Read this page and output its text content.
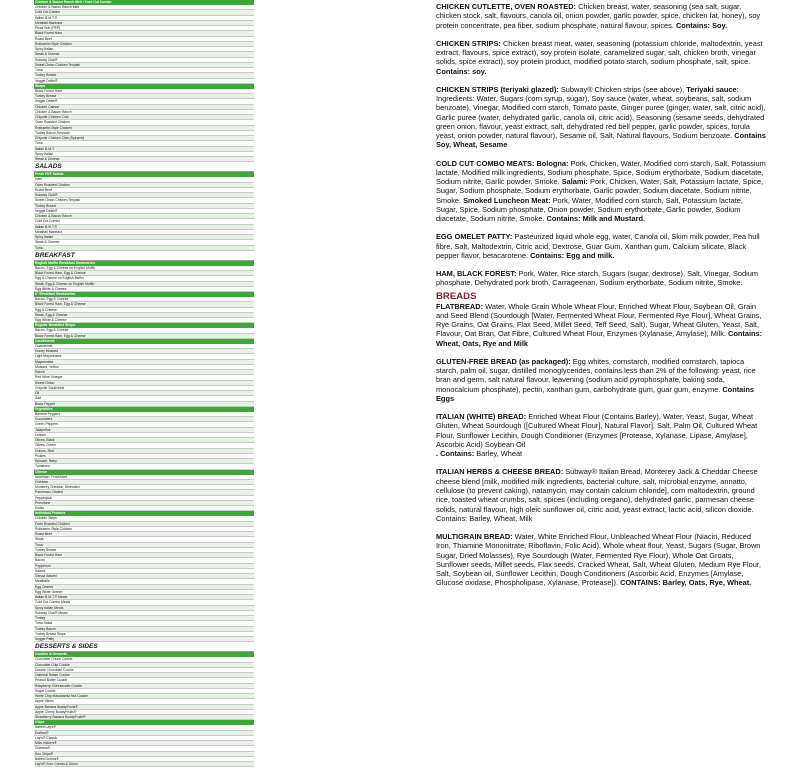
Chicken & Bacon Ranch Melt / Cold Cut Combo
Chicken & Bacon Ranch Melt
Cold Cut Combo
Italian B.M.T.®
Meatball Marinara
Pizza Sub (PEP)
Black Forest Ham
Roast Beef
Rotisserie-Style Chicken
Spicy Italian
Steak & Cheese
Subway Club®
Sweet Onion Chicken Teriyaki
Tuna
Turkey Breast
Veggie Delite®
Wraps
Black Forest Ham
Turkey Breast
Veggie Delite®
Chicken Caesar
Chicken & Bacon Ranch
Chipotle Chicken Club
Oven Roasted Chicken
Rotisserie-Style Chicken
Turkey Bacon Avocado
Chipotle Chicken Club (Spinach)
Tuna
Italian B.M.T.
Spicy Italian
Steak & Cheese
SALADS
Fresh Fit® Salads
Ham
Oven Roasted Chicken
Roast Beef
Subway Club®
Sweet Onion Chicken Teriyaki
Turkey Breast
Veggie Delite®
Chicken & Bacon Ranch
Cold Cut Combo
Italian B.M.T.®
Meatball Marinara
Spicy Italian
Steak & Cheese
Tuna
BREAKFAST
English Muffin Breakfast Sandwiches
Bacon, Egg & Cheese on English Muffin
Black Forest Ham, Egg & Cheese
Egg & Cheese on English Muffin
Steak, Egg & Cheese on English Muffin
Egg White & Cheese
6" Breakfast Sandwiches
Bacon, Egg & Cheese
Black Forest Ham, Egg & Cheese
Egg & Cheese
Steak, Egg & Cheese
Egg White & Cheese
Regular Breakfast Wraps
Bacon, Egg & Cheese
Black Forest Ham, Egg & Cheese
Condiments
Guacamole
Honey Mustard
Light Mayonnaise
Mayonnaise
Mustard, Yellow
Ranch
Red Wine Vinegar
Sweet Onion
Chipotle Southwest
Oil
Salt
Black Pepper
Vegetables
Banana Peppers
Cucumbers
Green Peppers
Jalapeños
Lettuce
Olives, Black
Olives, Green
Onions, Red
Pickles
Spinach, Baby
Tomatoes
Cheese
American, Processed
Cheddar
Monterey Cheddar, Shredded
Parmesan, Grated
Pepperjack
Provolone
Swiss
Individual Proteins
Chicken Strips
Oven Roasted Chicken
Rotisserie-Style Chicken
Roast Beef
Steak
Tuna
Turkey Breast
Black Forest Ham
Bacon
Pepperoni
Salami
Genoa Salami
Meatballs
Egg Omelet
Egg White Omelet
Italian B.M.T.® Meats
Cold Cut Combo Meats
Spicy Italian Meats
Subway Club® Meats
Turkey
Tuna Salad
Turkey Bacon
Turkey Breast Strips
Veggie Patty
DESSERTS & SIDES
Cookies & Desserts
Chocolate Chunk Cookie
Chocolate Chip Cookie
Double Chocolate Cookie
Oatmeal Raisin Cookie
Peanut Butter Cookie
Raspberry Cheesecake Cookie
Sugar Cookie
White Chip Macadamia Nut Cookie
Apple Slices
Apple Banana BuddyFruits®
Apple Cherry BuddyFruits®
Strawberry Banana BuddyFruits®
Chips
Baked Lay's®
Doritos®
Lay's® Classic
Miss Vickie's®
Cheetos®
Sun Chips®
Baked Doritos®
Lay's® Sour Cream & Onion

CHICKEN CUTLETTE, OVEN ROASTED: Chicken breast, water, seasoning (sea salt, sugar, chicken stock, salt, flavours, canola oil, onion powder, garlic powder, spice, chicken fat, honey), soy protein concentrate, pea fiber, sodium phosphate, natural flavour, spices. Contains: Soy.

CHICKEN STRIPS: Chicken breast meat, water, seasoning (potassium chloride, maltodextrin, yeast extract, flavours, spice extract), soy protein isolate, caramelized sugar, salt, chicken broth, vinegar solids, spice extract), soy protein product, modified potato starch, sodium phosphate, salt, spice. Contains: soy.

CHICKEN STRIPS (teriyaki glazed): Subway® Chicken strips (see above), Teriyaki sauce: Ingredients: Water, Sugars (corn syrup, sugar), Soy sauce (water, wheat, soybeans, salt, sodium benzoate), Vinegar, Modified corn starch, Tomato paste, Ginger puree (ginger, water, salt, citric acid), Garlic puree (water, dehydrated garlic, canola oil, citric acid), Seasoning (sesame seeds, dehydrated green onion, flavour, yeast extract, salt, dehydrated red bell pepper, garlic powder, spices, torula yeast, onion powder, natural flavour), Sesame oil, Salt, Natural flavours, Sodium benzoate. Contains Soy, Wheat, Sesame

COLD CUT COMBO MEATS: Bologna: Pork, Chicken, Water, Modified corn starch, Salt, Potassium lactate, Modified milk ingredients, Sodium phosphate, Spice, Sodium erythorbate, Sodium diacetate, Sodium nitrite, Garlic powder, Smoke. Salami: Pork, Chicken, Water, Salt, Potassium lactate, Spice, Sugar, Sodium phosphate, Sodium erythorbate, Garlic powder, Sodium diacetate, Sodium nitrite, Smoke. Smoked Luncheon Meat: Pork, Water, Modified corn starch, Salt, Potassium lactate, Sugar, Spice, Sodium phosphate, Onion powder, Sodium erythorbate, Garlic powder, Sodium diacetate, Sodium nitrite, Smoke. Contains: Milk and Mustard.

EGG OMELET PATTY: Pasteurized liquid whole egg, water, Canola oil, Skim milk powder, Pea hull fibre, Salt, Maltodextrin, Citric acid, Dextrose, Guar Gum, Xanthan gum, Calcium silicate, Black pepper flavor, betacarotene. Contains: Egg and milk.

HAM, BLACK FOREST: Pork, Water, Rice starch, Sugars (sugar, dextrose), Salt, Vinegar, Sodium phosphate, Dehydrated pork broth, Carrageenan, Sodium erythorbate, Sodium nitrite, Smoke.

BREADS

FLATBREAD: Water, Whole Grain Whole Wheat Flour, Enriched Wheat Flour, Soybean Oil, Grain and Seed Blend (Sourdough [Water, Fermented Wheat Flour, Fermented Rye Flour], Wheat Grains, Rye Grains, Oat Grains, Flax Seed, Millet Seed, Teff Seed, Salt), Sugar, Wheat Gluten, Yeast, Salt, Flavour, Oat Bran, Oat Fibre, Cultured Wheat Flour, Enzymes (Xylanase, Amylase), Milk. Contains: Wheat, Oats, Rye and Milk

GLUTEN-FREE BREAD (as packaged): Egg whites, cornstarch, modified cornstarch, tapioca starch, palm oil, sugar, distilled monoglycerides, contains less than 2% of the following: yeast, rice bran and germ, salt natural flavour, leavening (sodium acid pyrophosphate, baking soda, monocalcium phosphate), pectin, xanthan gum, carbohydrate gum, guar gum, enzyme. Contains Eggs

ITALIAN (WHITE) BREAD: Enriched Wheat Flour (Contains Barley), Water, Yeast, Sugar, Wheat Gluten, Wheat Sourdough ([Cultured Wheat Flour], Natural Flavor], Salt, Palm Oil, Cultured Wheat Flour, Sunflower Lecithin, Dough Conditioner (Enzymes [Protease, Xylanase, Lipase, Amylase], Ascorbic Acid) Soybean Oil
. Contains: Barley, Wheat

ITALIAN HERBS & CHEESE BREAD: Subway® Italian Bread, Monterey Jack & Cheddar Cheese cheese blend [milk, modified milk ingredients, bacterial culture, salt, microbial enzyme, annatto, cellulose (to prevent caking), natamycin, may contain calcium chloride], corn maltodextrin, ground rice, toasted wheat crumbs, salt, spices (including oregano), dehydrated garlic, parmesan cheese solids, natural flavour, high oleic sunflower oil, citric acid, yeast extract, lactic acid, silicon dioxide. Contains: Barley, Wheat, Milk

MULTIGRAIN BREAD: Water, White Enriched Flour, Unbleached Wheat Flour (Niacin, Reduced Iron, Thiamine Mononitrate, Riboflavin, Folic Acid), Whole wheat flour, Yeast, Sugars (Sugar, Brown Sugar, Dried Molasses), Rye Sourdough (Water, Fermented Rye Flour), Whole Oat Groats, Sunflower seeds, Millet seeds, Flax seeds, Cracked Wheat, Salt, Wheat Gluten, Medium Rye Flour, Salt, Soybean oil, Sunflower Lecithin, Dough Conditioners (Ascorbic Acid, Enzymes [Amylase, Glucose oxidase, Phospholipase, Xylanase, Protease]). CONTAINS: Barley, Oats, Rye, Wheat.
